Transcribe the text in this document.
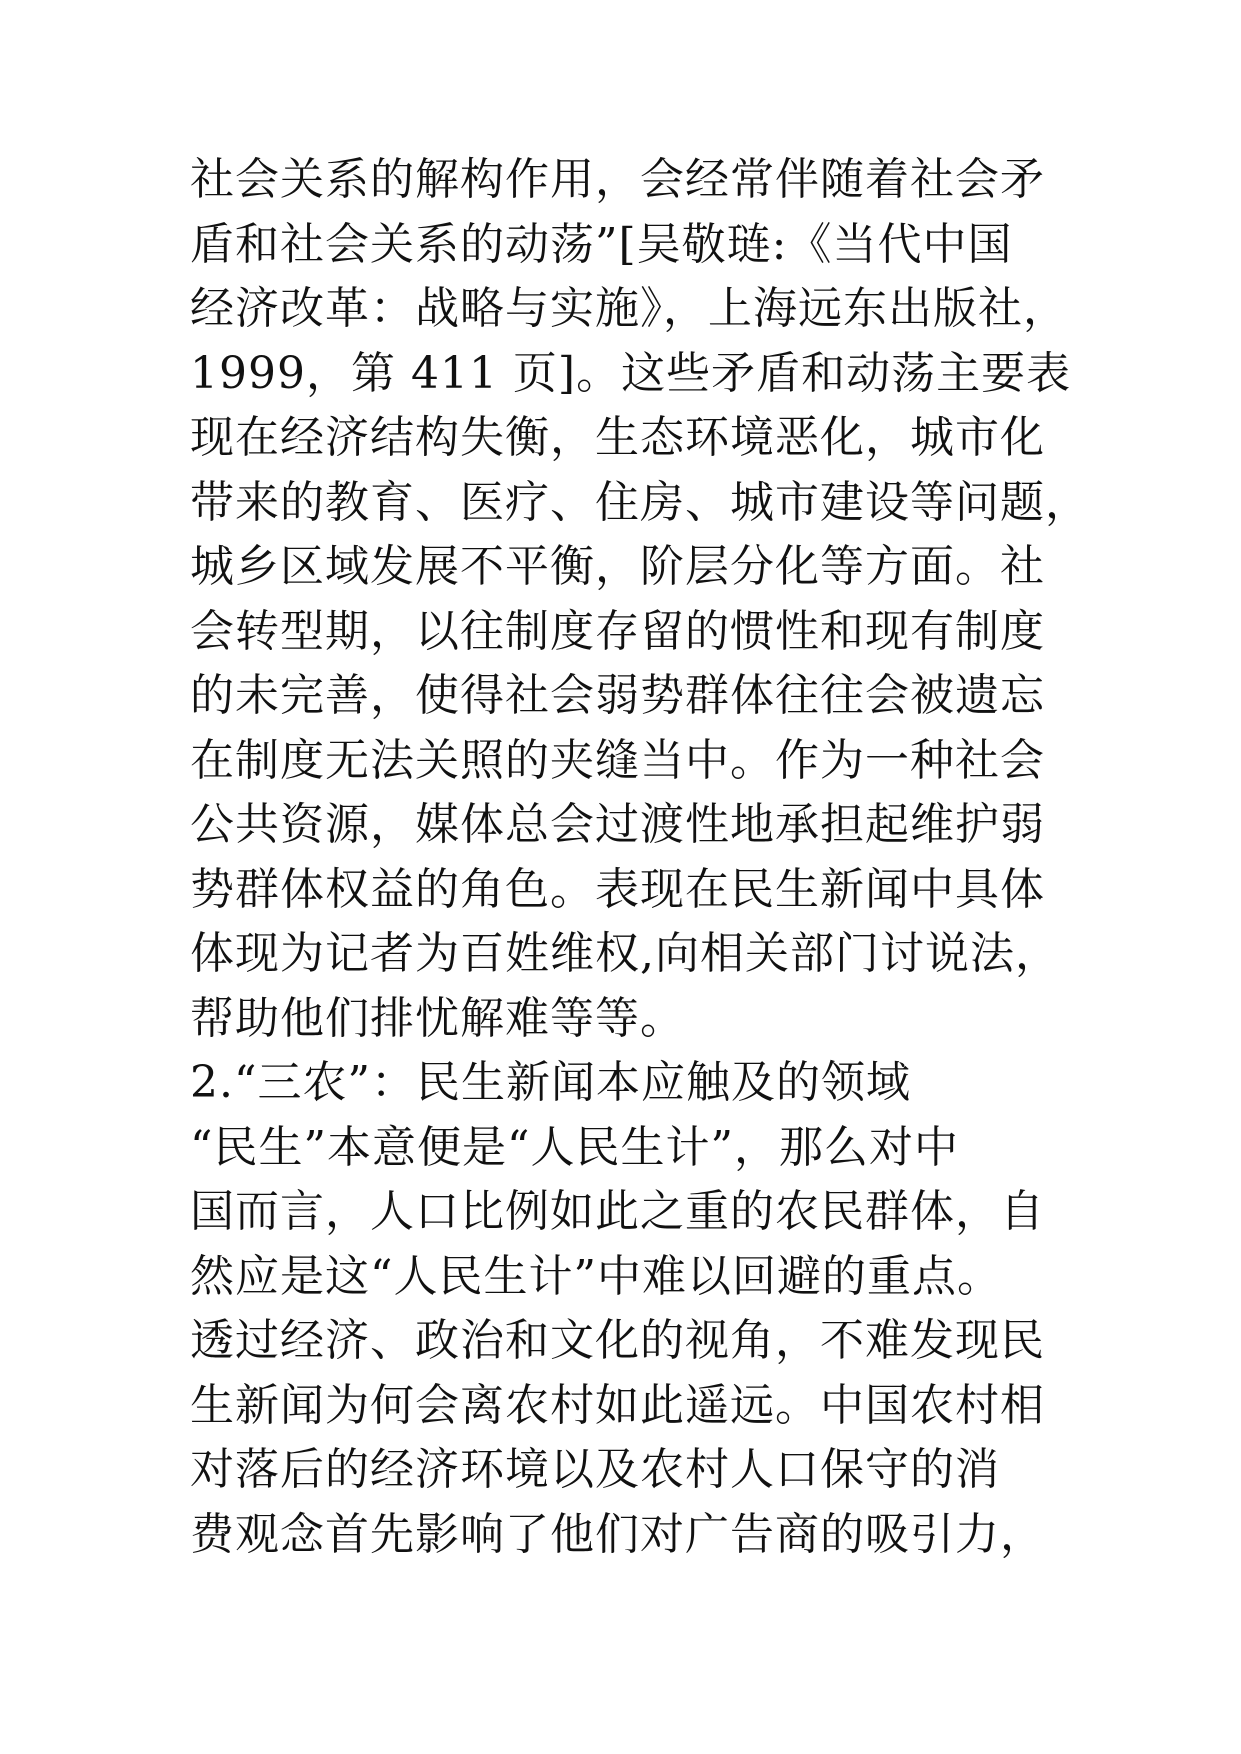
社会关系的解构作用，会经常伴随着社会矛
盾和社会关系的动荡”[吴敬琏:《当代中国
经济改革：战略与实施》，上海远东出版社，
1999，第 411 页]。这些矛盾和动荡主要表
现在经济结构失衡，生态环境恶化，城市化
带来的教育、医疗、住房、城市建设等问题，
城乡区域发展不平衡，阶层分化等方面。社
会转型期，以往制度存留的惯性和现有制度
的未完善，使得社会弱势群体往往会被遗忘
在制度无法关照的夹缝当中。作为一种社会
公共资源，媒体总会过渡性地承担起维护弱
势群体权益的角色。表现在民生新闻中具体
体现为记者为百姓维权,向相关部门讨说法，
帮助他们排忧解难等等。
2.“三农”：民生新闻本应触及的领域
“民生”本意便是“人民生计”，那么对中
国而言，人口比例如此之重的农民群体，自
然应是这“人民生计”中难以回避的重点。
透过经济、政治和文化的视角，不难发现民
生新闻为何会离农村如此遥远。中国农村相
对落后的经济环境以及农村人口保守的消
费观念首先影响了他们对广告商的吸引力，
